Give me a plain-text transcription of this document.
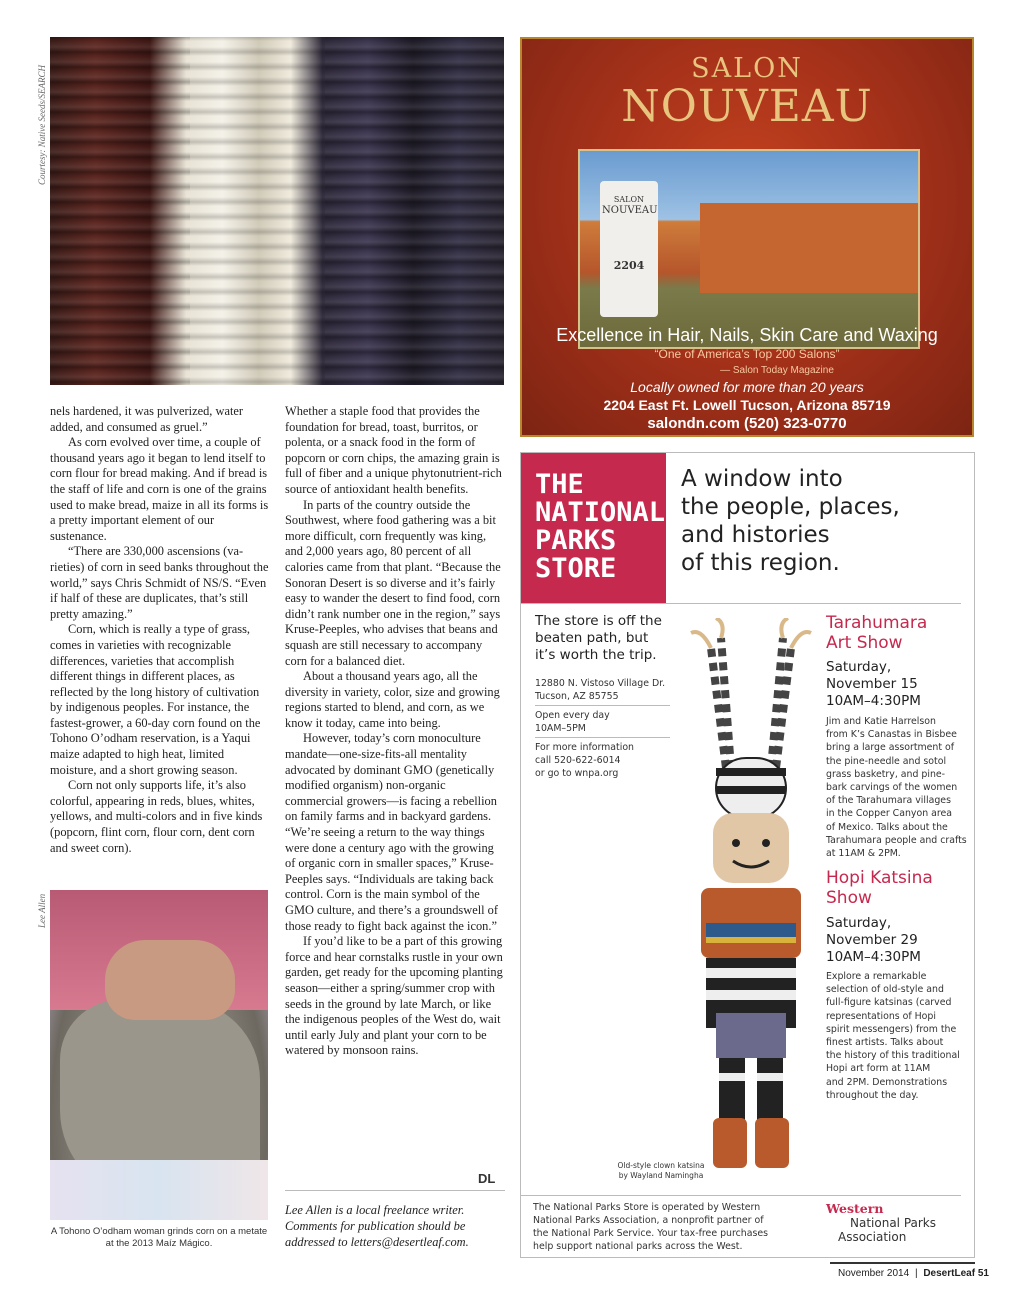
Courtesy: Native Seeds/SEARCH
Lee Allen

nels hardened, it was pulverized, water added, and consumed as gruel.”

As corn evolved over time, a couple of thousand years ago it began to lend itself to corn flour for bread making. And if bread is the staff of life and corn is one of the grains used to make bread, maize in all its forms is a pretty important element of our sustenance.

“There are 330,000 ascensions (varieties) of corn in seed banks throughout the world,” says Chris Schmidt of NS/S. “Even if half of these are duplicates, that’s still pretty amazing.”

Corn, which is really a type of grass, comes in varieties with recognizable differences, varieties that accomplish different things in different places, as reflected by the long history of cultivation by indigenous peoples. For instance, the fastest-grower, a 60-day corn found on the Tohono O’odham reservation, is a Yaqui maize adapted to high heat, limited moisture, and a short growing season.

Corn not only supports life, it’s also colorful, appearing in reds, blues, whites, yellows, and multi-colors and in five kinds (popcorn, flint corn, flour corn, dent corn and sweet corn).

A Tohono O’odham woman grinds corn on a metate at the 2013 Maíz Mágico.

Whether a staple food that provides the foundation for bread, toast, burritos, or polenta, or a snack food in the form of popcorn or corn chips, the amazing grain is full of fiber and a unique phytonutrient-rich source of antioxidant health benefits.

In parts of the country outside the Southwest, where food gathering was a bit more difficult, corn frequently was king, and 2,000 years ago, 80 percent of all calories came from that plant. “Because the Sonoran Desert is so diverse and it’s fairly easy to wander the desert to find food, corn didn’t rank number one in the region,” says Kruse-Peeples, who advises that beans and squash are still necessary to accompany corn for a balanced diet.

About a thousand years ago, all the diversity in variety, color, size and growing regions started to blend, and corn, as we know it today, came into being.

However, today’s corn monoculture mandate—one-size-fits-all mentality advocated by dominant GMO (genetically modified organism) non-organic commercial growers—is facing a rebellion on family farms and in backyard gardens. “We’re seeing a return to the way things were done a century ago with the growing of organic corn in smaller spaces,” Kruse-Peeples says. “Individuals are taking back control. Corn is the main symbol of the GMO culture, and there’s a groundswell of those ready to fight back against the icon.”

If you’d like to be a part of this growing force and hear cornstalks rustle in your own garden, get ready for the upcoming planting season—either a spring/summer crop with seeds in the ground by late March, or like the indigenous peoples of the West do, wait until early July and plant your corn to be watered by monsoon rains.

DL
Lee Allen is a local freelance writer. Comments for publication should be addressed to letters@desertleaf.com.
SALON
NOUVEAU
SALON
NOUVEAU
2204
Excellence in Hair, Nails, Skin Care and Waxing
“One of America’s Top 200 Salons”
— Salon Today Magazine
Locally owned for more than 20 years
2204 East Ft. Lowell Tucson, Arizona 85719
salondn.com (520) 323-0770
THE
NATIONAL
PARKS
STORE
A window into
the people, places,
and histories
of this region.
The store is off the
beaten path, but
it’s worth the trip.
12880 N. Vistoso Village Dr.
Tucson, AZ 85755
Open every day
10AM–5PM
For more information
call 520-622-6014
or go to wnpa.org
Old-style clown katsina
by Wayland Namingha
Tarahumara
Art Show
Saturday,
November 15
10AM–4:30PM
Jim and Katie Harrelson
from K’s Canastas in Bisbee
bring a large assortment of
the pine-needle and sotol
grass basketry, and pine-
bark carvings of the women
of the Tarahumara villages
in the Copper Canyon area
of Mexico. Talks about the
Tarahumara people and crafts
at 11AM & 2PM.
Hopi Katsina
Show
Saturday,
November 29
10AM–4:30PM
Explore a remarkable
selection of old-style and
full-figure katsinas (carved
representations of Hopi
spirit messengers) from the
finest artists. Talks about
the history of this traditional
Hopi art form at 11AM
and 2PM. Demonstrations
throughout the day.
The National Parks Store is operated by Western
National Parks Association, a nonprofit partner of
the National Park Service. Your tax-free purchases
help support national parks across the West.
Western
National Parks
Association
November 2014 | DesertLeaf 51
